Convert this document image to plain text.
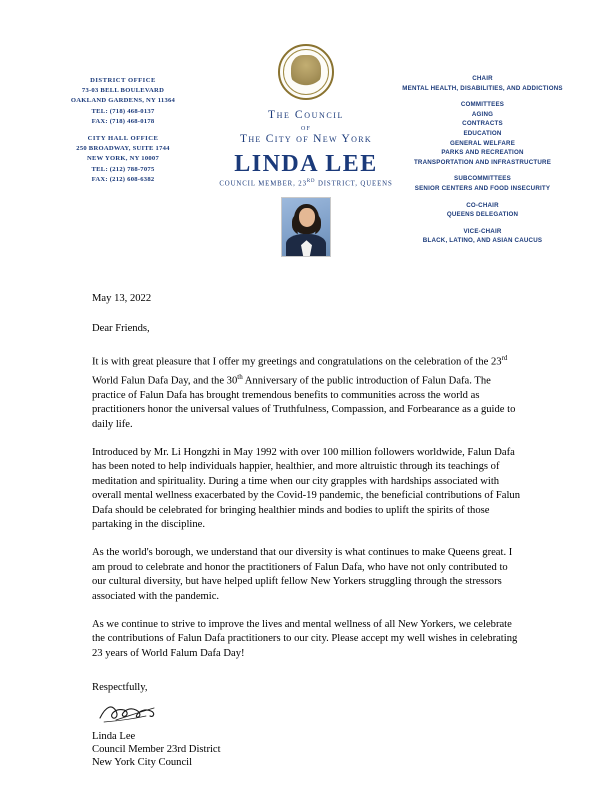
DISTRICT OFFICE
73-03 BELL BOULEVARD
OAKLAND GARDENS, NY 11364
TEL: (718) 468-0137
FAX: (718) 468-0178
CITY HALL OFFICE
250 BROADWAY, SUITE 1744
NEW YORK, NY 10007
TEL: (212) 788-7075
FAX: (212) 608-6382
The Council
of
The City of New York
LINDA LEE
COUNCIL MEMBER, 23RD DISTRICT, QUEENS
CHAIR
MENTAL HEALTH, DISABILITIES, AND ADDICTIONS
COMMITTEES
AGING
CONTRACTS
EDUCATION
GENERAL WELFARE
PARKS AND RECREATION
TRANSPORTATION AND INFRASTRUCTURE
SUBCOMMITTEES
SENIOR CENTERS AND FOOD INSECURITY
CO-CHAIR
QUEENS DELEGATION
VICE-CHAIR
BLACK, LATINO, AND ASIAN CAUCUS
May 13, 2022
Dear Friends,
It is with great pleasure that I offer my greetings and congratulations on the celebration of the 23rd World Falun Dafa Day, and the 30th Anniversary of the public introduction of Falun Dafa. The practice of Falun Dafa has brought tremendous benefits to communities across the world as practitioners honor the universal values of Truthfulness, Compassion, and Forbearance as a guide to daily life.
Introduced by Mr. Li Hongzhi in May 1992 with over 100 million followers worldwide, Falun Dafa has been noted to help individuals happier, healthier, and more altruistic through its teachings of meditation and spirituality. During a time when our city grapples with hardships associated with overall mental wellness exacerbated by the Covid-19 pandemic, the beneficial contributions of Falun Dafa should be celebrated for bringing healthier minds and bodies to uplift the spirits of those partaking in the discipline.
As the world's borough, we understand that our diversity is what continues to make Queens great. I am proud to celebrate and honor the practitioners of Falun Dafa, who have not only contributed to our cultural diversity, but have helped uplift fellow New Yorkers struggling through the stressors associated with the pandemic.
As we continue to strive to improve the lives and mental wellness of all New Yorkers, we celebrate the contributions of Falun Dafa practitioners to our city. Please accept my well wishes in celebrating 23 years of World Falum Dafa Day!
Respectfully,
Linda Lee
Council Member 23rd District
New York City Council
